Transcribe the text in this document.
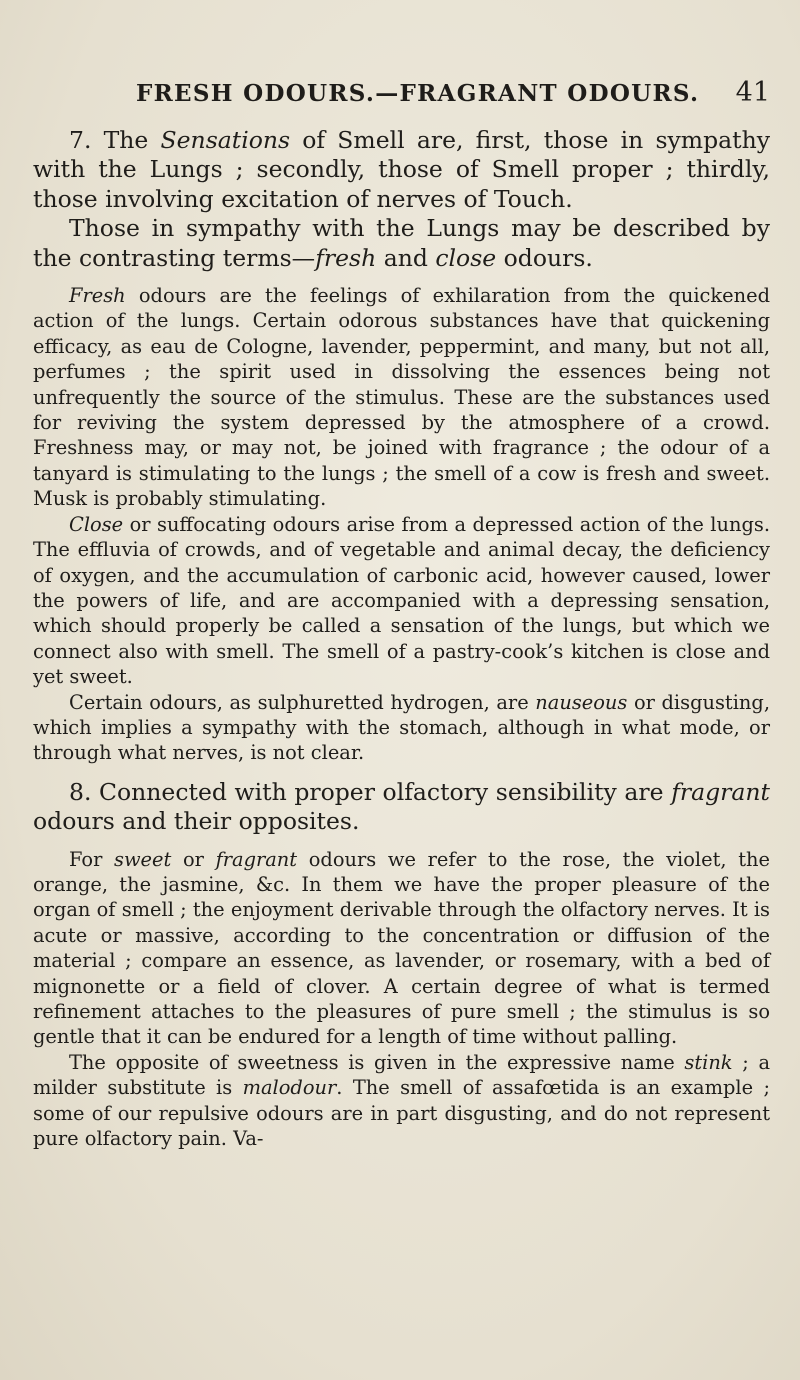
FRESH ODOURS.—FRAGRANT ODOURS. 41

7. The Sensations of Smell are, first, those in sympathy with the Lungs ; secondly, those of Smell proper ; thirdly, those involving excitation of nerves of Touch.

Those in sympathy with the Lungs may be described by the contrasting terms—fresh and close odours.

Fresh odours are the feelings of exhilaration from the quickened action of the lungs. Certain odorous substances have that quickening efficacy, as eau de Cologne, lavender, peppermint, and many, but not all, perfumes ; the spirit used in dissolving the essences being not unfrequently the source of the stimulus. These are the substances used for reviving the system depressed by the atmosphere of a crowd. Freshness may, or may not, be joined with fragrance ; the odour of a tanyard is stimulating to the lungs ; the smell of a cow is fresh and sweet. Musk is probably stimulating.

Close or suffocating odours arise from a depressed action of the lungs. The effluvia of crowds, and of vegetable and animal decay, the deficiency of oxygen, and the accumulation of carbonic acid, however caused, lower the powers of life, and are accompanied with a depressing sensation, which should properly be called a sensation of the lungs, but which we connect also with smell. The smell of a pastry-cook’s kitchen is close and yet sweet.

Certain odours, as sulphuretted hydrogen, are nauseous or disgusting, which implies a sympathy with the stomach, although in what mode, or through what nerves, is not clear.

8. Connected with proper olfactory sensibility are fragrant odours and their opposites.

For sweet or fragrant odours we refer to the rose, the violet, the orange, the jasmine, &c. In them we have the proper pleasure of the organ of smell ; the enjoyment derivable through the olfactory nerves. It is acute or massive, according to the concentration or diffusion of the material ; compare an essence, as lavender, or rosemary, with a bed of mignonette or a field of clover. A certain degree of what is termed refinement attaches to the pleasures of pure smell ; the stimulus is so gentle that it can be endured for a length of time without palling.

The opposite of sweetness is given in the expressive name stink ; a milder substitute is malodour. The smell of assafœtida is an example ; some of our repulsive odours are in part disgusting, and do not represent pure olfactory pain. Va-
